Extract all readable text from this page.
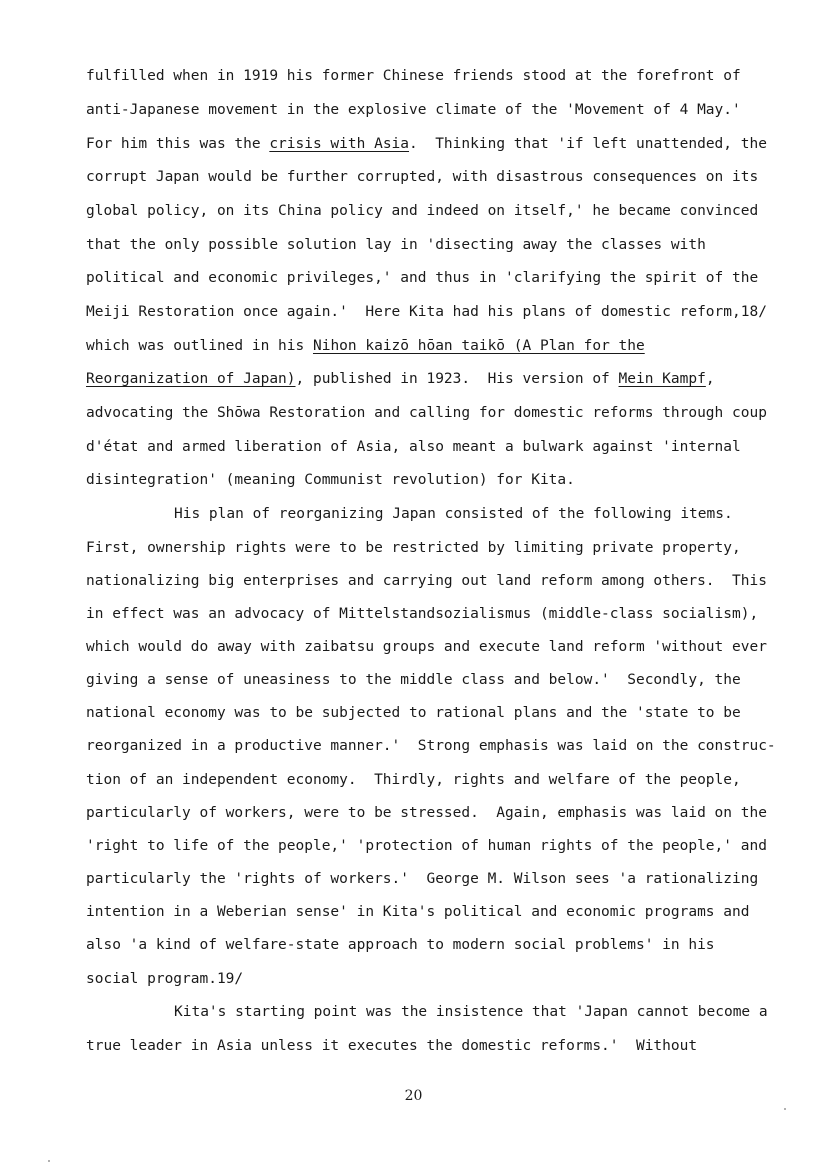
fulfilled when in 1919 his former Chinese friends stood at the forefront of
anti-Japanese movement in the explosive climate of the 'Movement of 4 May.'
For him this was the crisis with Asia.  Thinking that 'if left unattended, the
corrupt Japan would be further corrupted, with disastrous consequences on its
global policy, on its China policy and indeed on itself,' he became convinced
that the only possible solution lay in 'disecting away the classes with
political and economic privileges,' and thus in 'clarifying the spirit of the
Meiji Restoration once again.'  Here Kita had his plans of domestic reform,18/
which was outlined in his Nihon kaizō hōan taikō (A Plan for the
Reorganization of Japan), published in 1923.  His version of Mein Kampf,
advocating the Shōwa Restoration and calling for domestic reforms through coup
d'état and armed liberation of Asia, also meant a bulwark against 'internal
disintegration' (meaning Communist revolution) for Kita.
His plan of reorganizing Japan consisted of the following items.
First, ownership rights were to be restricted by limiting private property,
nationalizing big enterprises and carrying out land reform among others.  This
in effect was an advocacy of Mittelstandsozialismus (middle-class socialism),
which would do away with zaibatsu groups and execute land reform 'without ever
giving a sense of uneasiness to the middle class and below.'  Secondly, the
national economy was to be subjected to rational plans and the 'state to be
reorganized in a productive manner.'  Strong emphasis was laid on the construc-
tion of an independent economy.  Thirdly, rights and welfare of the people,
particularly of workers, were to be stressed.  Again, emphasis was laid on the
'right to life of the people,' 'protection of human rights of the people,' and
particularly the 'rights of workers.'  George M. Wilson sees 'a rationalizing
intention in a Weberian sense' in Kita's political and economic programs and
also 'a kind of welfare-state approach to modern social problems' in his
social program.19/
Kita's starting point was the insistence that 'Japan cannot become a
true leader in Asia unless it executes the domestic reforms.'  Without
20
